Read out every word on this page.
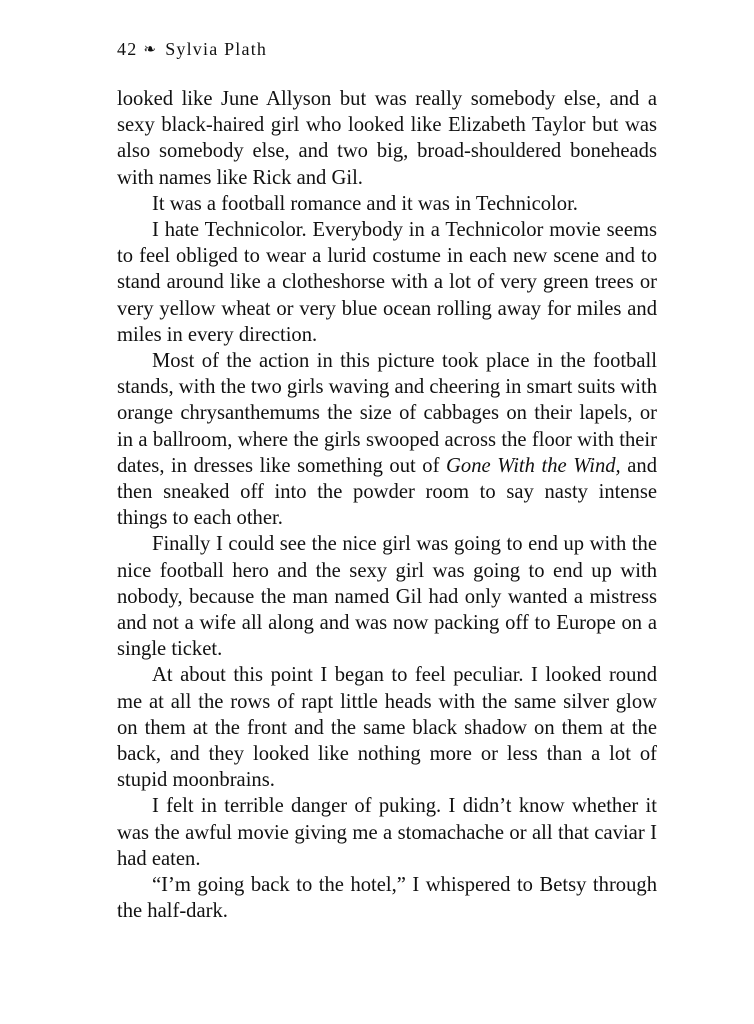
42 ❧ Sylvia Plath

looked like June Allyson but was really somebody else, and a sexy black-haired girl who looked like Elizabeth Taylor but was also somebody else, and two big, broad-shouldered boneheads with names like Rick and Gil.

It was a football romance and it was in Technicolor.

I hate Technicolor. Everybody in a Technicolor movie seems to feel obliged to wear a lurid costume in each new scene and to stand around like a clotheshorse with a lot of very green trees or very yellow wheat or very blue ocean rolling away for miles and miles in every direction.

Most of the action in this picture took place in the football stands, with the two girls waving and cheering in smart suits with orange chrysanthemums the size of cabbages on their lapels, or in a ballroom, where the girls swooped across the floor with their dates, in dresses like something out of Gone With the Wind, and then sneaked off into the powder room to say nasty intense things to each other.

Finally I could see the nice girl was going to end up with the nice football hero and the sexy girl was going to end up with nobody, because the man named Gil had only wanted a mistress and not a wife all along and was now packing off to Europe on a single ticket.

At about this point I began to feel peculiar. I looked round me at all the rows of rapt little heads with the same silver glow on them at the front and the same black shadow on them at the back, and they looked like nothing more or less than a lot of stupid moonbrains.

I felt in terrible danger of puking. I didn’t know whether it was the awful movie giving me a stomachache or all that caviar I had eaten.

“I’m going back to the hotel,” I whispered to Betsy through the half-dark.
